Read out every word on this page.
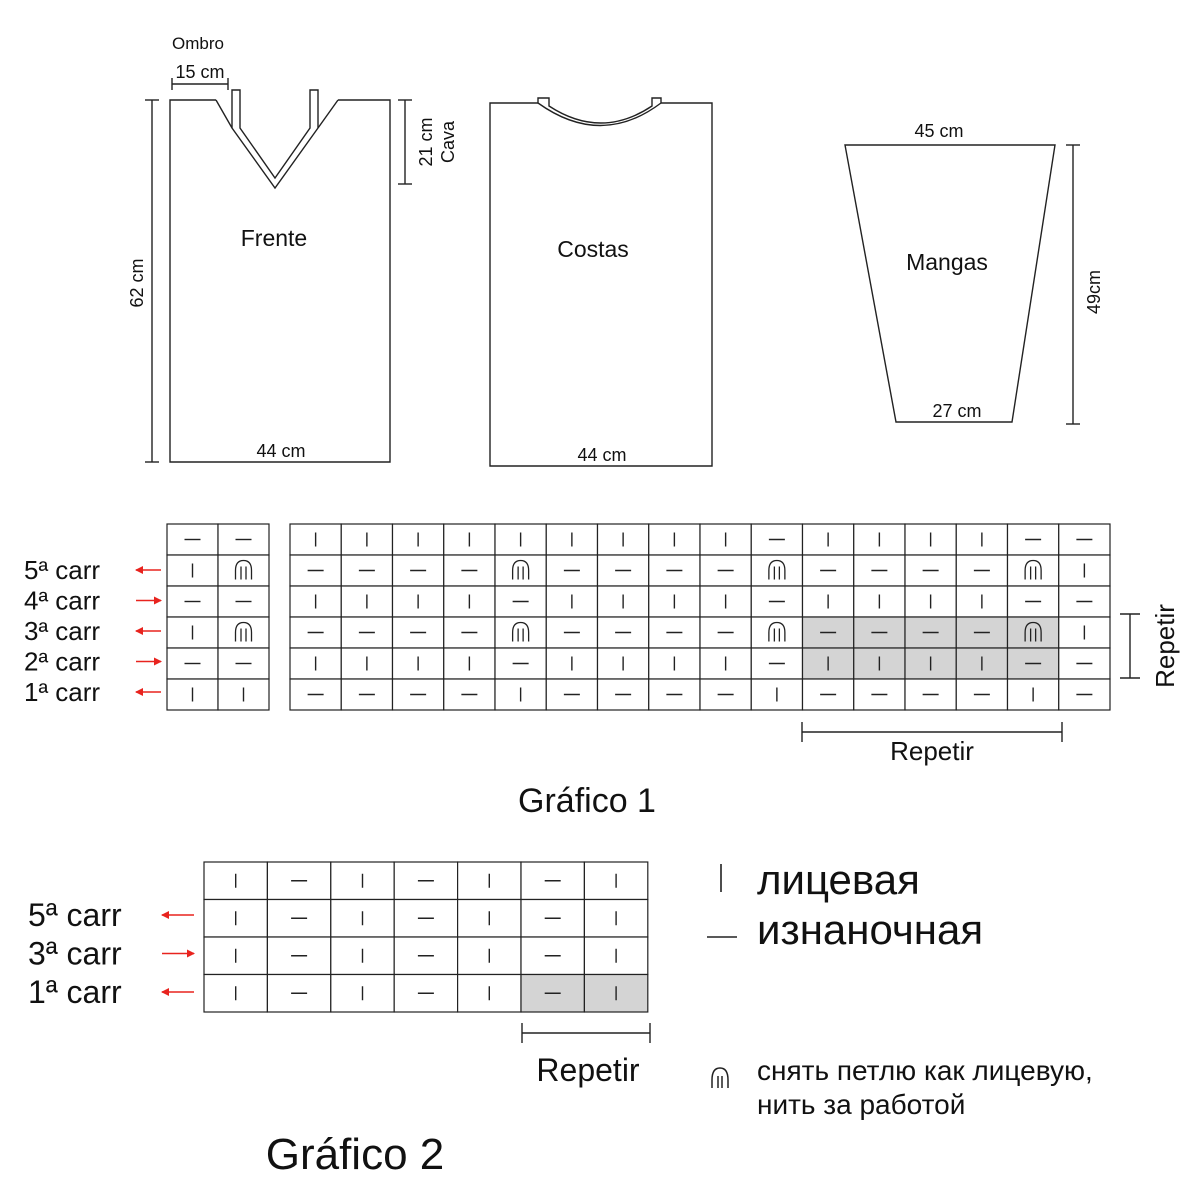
Ombro
15 cm
Frente
44 cm
62 cm
21 cm Cava
Costas
44 cm
45 cm
Mangas
27 cm
49cm
5ª carr
4ª carr
3ª carr
2ª carr
1ª carr
Repetir
Repetir
Gráfico 1
5ª carr
3ª carr
1ª carr
Repetir
Gráfico 2
лицевая
изнаночная
снять петлю как лицевую,
нить за работой
